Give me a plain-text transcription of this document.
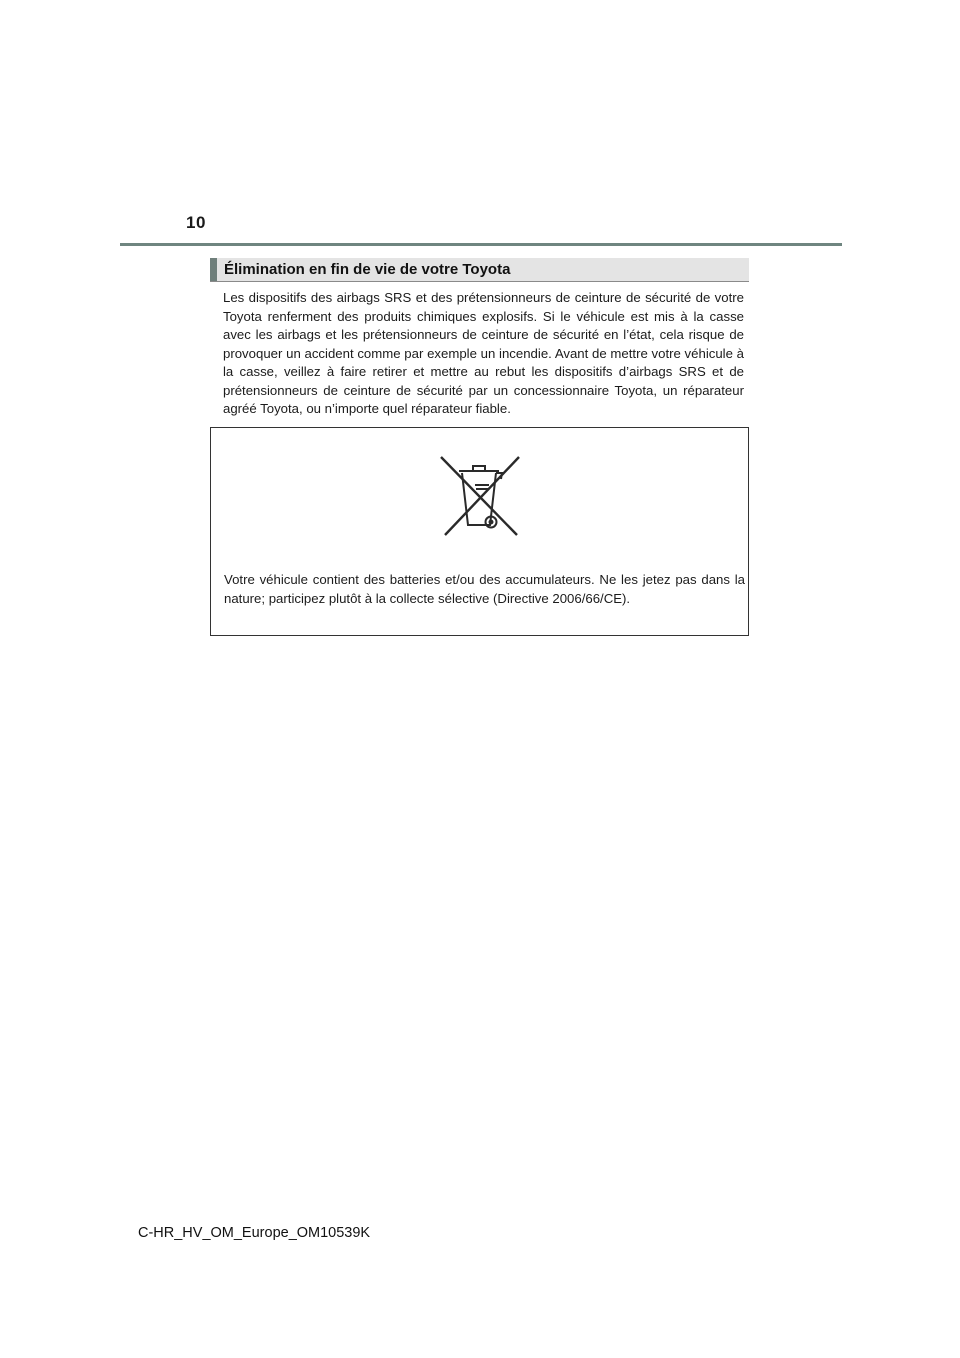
10
Élimination en fin de vie de votre Toyota
Les dispositifs des airbags SRS et des prétensionneurs de ceinture de sécurité de votre Toyota renferment des produits chimiques explosifs. Si le véhicule est mis à la casse avec les airbags et les prétensionneurs de ceinture de sécurité en l’état, cela risque de provoquer un accident comme par exemple un incendie. Avant de mettre votre véhicule à la casse, veillez à faire retirer et mettre au rebut les dispositifs d’airbags SRS et de prétensionneurs de ceinture de sécurité par un concessionnaire Toyota, un réparateur agréé Toyota, ou n’importe quel réparateur fiable.
Votre véhicule contient des batteries et/ou des accumulateurs. Ne les jetez pas dans la nature; participez plutôt à la collecte sélective (Directive 2006/66/CE).
C-HR_HV_OM_Europe_OM10539K
